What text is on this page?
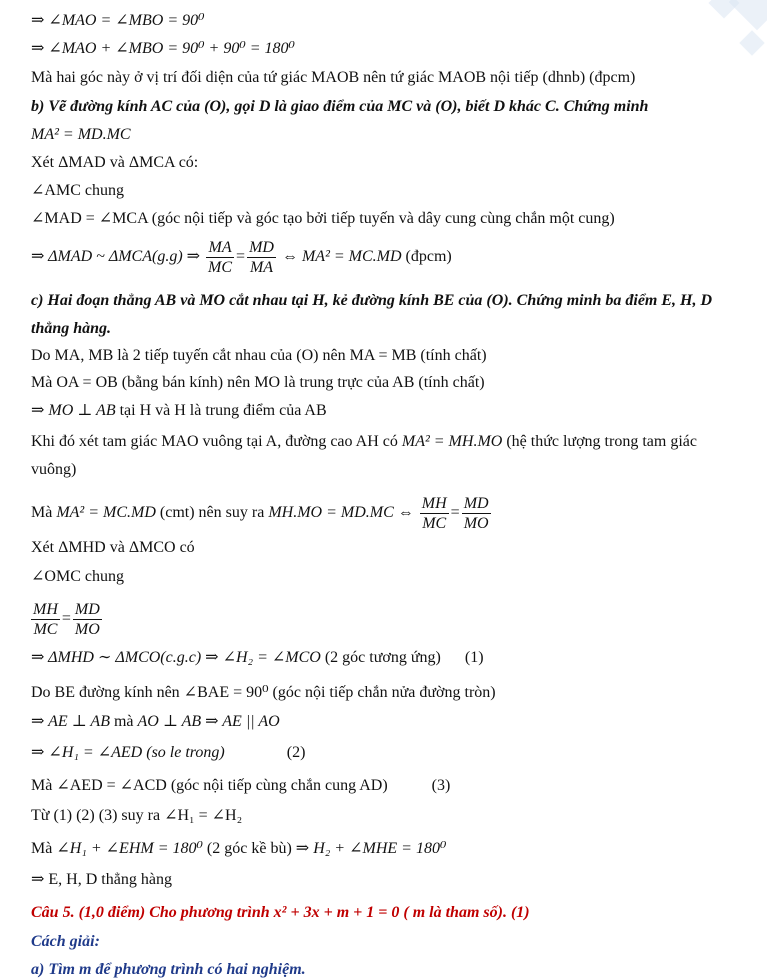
⇒ ∠MAO = ∠MBO = 90⁰
⇒ ∠MAO + ∠MBO = 90⁰ + 90⁰ = 180⁰
Mà hai góc này ở vị trí đối diện của tứ giác MAOB nên tứ giác MAOB nội tiếp (dhnb) (đpcm)
b) Vẽ đường kính AC của (O), gọi D là giao điểm của MC và (O), biết D khác C. Chứng minh
MA² = MD.MC
Xét ΔMAD và ΔMCA có:
∠AMC chung
∠MAD = ∠MCA (góc nội tiếp và góc tạo bởi tiếp tuyến và dây cung cùng chắn một cung)
⇒ ΔMAD ~ ΔMCA(g.g) ⇒ $\frac{MA}{MC} = \frac{MD}{MA}$ ⇔ MA² = MC.MD (đpcm)
c) Hai đoạn thẳng AB và MO cắt nhau tại H, kẻ đường kính BE của (O). Chứng minh ba điểm E, H, D
thẳng hàng.
Do MA, MB là 2 tiếp tuyến cắt nhau của (O) nên MA = MB (tính chất)
Mà OA = OB (bằng bán kính) nên MO là trung trực của AB (tính chất)
⇒ MO ⊥ AB tại H và H là trung điểm của AB
Khi đó xét tam giác MAO vuông tại A, đường cao AH có MA² = MH.MO (hệ thức lượng trong tam giác
vuông)
Mà MA² = MC.MD (cmt) nên suy ra MH.MO = MD.MC ⇔ $\frac{MH}{MC} = \frac{MD}{MO}$
Xét ΔMHD và ΔMCO có
∠OMC chung
$\frac{MH}{MC} = \frac{MD}{MO}$
⇒ ΔMHD ∼ ΔMCO(c.g.c) ⇒ ∠H₂ = ∠MCO (2 góc tương ứng) (1)
Do BE đường kính nên ∠BAE = 90⁰ (góc nội tiếp chắn nửa đường tròn)
⇒ AE ⊥ AB mà AO ⊥ AB ⇒ AE || AO
⇒ ∠H₁ = ∠AED (so le trong)	(2)
Mà ∠AED = ∠ACD (góc nội tiếp cùng chắn cung AD)	(3)
Từ (1) (2) (3) suy ra ∠H₁ = ∠H₂
Mà ∠H₁ + ∠EHM = 180⁰ (2 góc kề bù) ⇒ H₂ + ∠MHE = 180⁰
⇒ E, H, D thẳng hàng
Câu 5. (1,0 điểm) Cho phương trình x² + 3x + m + 1 = 0 ( m là tham số). (1)
Cách giải:
a) Tìm m để phương trình có hai nghiệm.
